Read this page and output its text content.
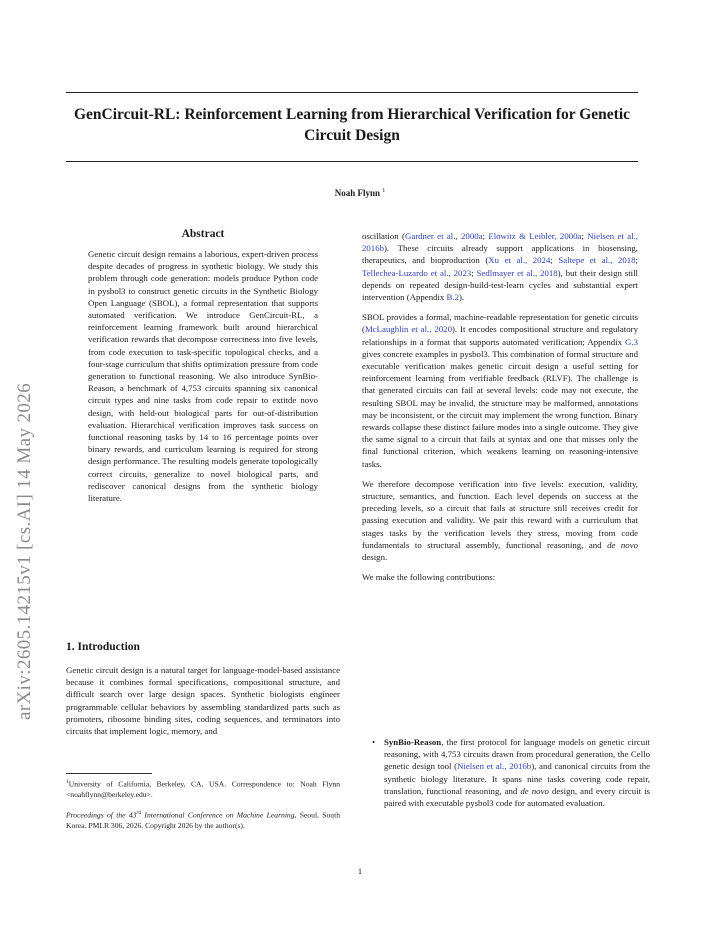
GenCircuit-RL: Reinforcement Learning from Hierarchical Verification for Genetic Circuit Design
Noah Flynn $^1$
arXiv:2605.14215v1 [cs.AI] 14 May 2026
Abstract
Genetic circuit design remains a laborious, expert-driven process despite decades of progress in synthetic biology. We study this problem through code generation: models produce Python code in pysbol3 to construct genetic circuits in the Synthetic Biology Open Language (SBOL), a formal representation that supports automated verification. We introduce GenCircuit-RL, a reinforcement learning framework built around hierarchical verification rewards that decompose correctness into five levels, from code execution to task-specific topological checks, and a four-stage curriculum that shifts optimization pressure from code generation to functional reasoning. We also introduce SynBio-Reason, a benchmark of 4,753 circuits spanning six canonical circuit types and nine tasks from code repair to extitde novo design, with held-out biological parts for out-of-distribution evaluation. Hierarchical verification improves task success on functional reasoning tasks by 14 to 16 percentage points over binary rewards, and curriculum learning is required for strong design performance. The resulting models generate topologically correct circuits, generalize to novel biological parts, and rediscover canonical designs from the synthetic biology literature.
1. Introduction
Genetic circuit design is a natural target for language-model-based assistance because it combines formal specifications, compositional structure, and difficult search over large design spaces. Synthetic biologists engineer programmable cellular behaviors by assembling standardized parts such as promoters, ribosome binding sites, coding sequences, and terminators into circuits that implement logic, memory, and
$^1$University of California, Berkeley, CA, USA. Correspondence to: Noah Flynn <noahflynn@berkeley.edu>.
Proceedings of the 43rd International Conference on Machine Learning, Seoul, South Korea. PMLR 306, 2026. Copyright 2026 by the author(s).

oscillation (Gardner et al., 2000a; Elowitz & Leibler, 2000a; Nielsen et al., 2016b). These circuits already support applications in biosensing, therapeutics, and bioproduction (Xu et al., 2024; Saltepe et al., 2018; Tellechea-Luzardo et al., 2023; Sedlmayer et al., 2018), but their design still depends on repeated design-build-test-learn cycles and substantial expert intervention (Appendix B.2).

SBOL provides a formal, machine-readable representation for genetic circuits (McLaughlin et al., 2020). It encodes compositional structure and regulatory relationships in a format that supports automated verification; Appendix G.3 gives concrete examples in pysbol3. This combination of formal structure and executable verification makes genetic circuit design a useful setting for reinforcement learning from verifiable feedback (RLVF). The challenge is that generated circuits can fail at several levels: code may not execute, the resulting SBOL may be invalid, the structure may be malformed, annotations may be inconsistent, or the circuit may implement the wrong function. Binary rewards collapse these distinct failure modes into a single outcome. They give the same signal to a circuit that fails at syntax and one that misses only the final functional criterion, which weakens learning on reasoning-intensive tasks.

We therefore decompose verification into five levels: execution, validity, structure, semantics, and function. Each level depends on success at the preceding levels, so a circuit that fails at structure still receives credit for passing execution and validity. We pair this reward with a curriculum that stages tasks by the verification levels they stress, moving from code fundamentals to structural assembly, functional reasoning, and de novo design.

We make the following contributions:

• SynBio-Reason, the first protocol for language models on genetic circuit reasoning, with 4,753 circuits drawn from procedural generation, the Cello genetic design tool (Nielsen et al., 2016b), and canonical circuits from the synthetic biology literature. It spans nine tasks covering code repair, translation, functional reasoning, and de novo design, and every circuit is paired with executable pysbol3 code for automated evaluation.
1
